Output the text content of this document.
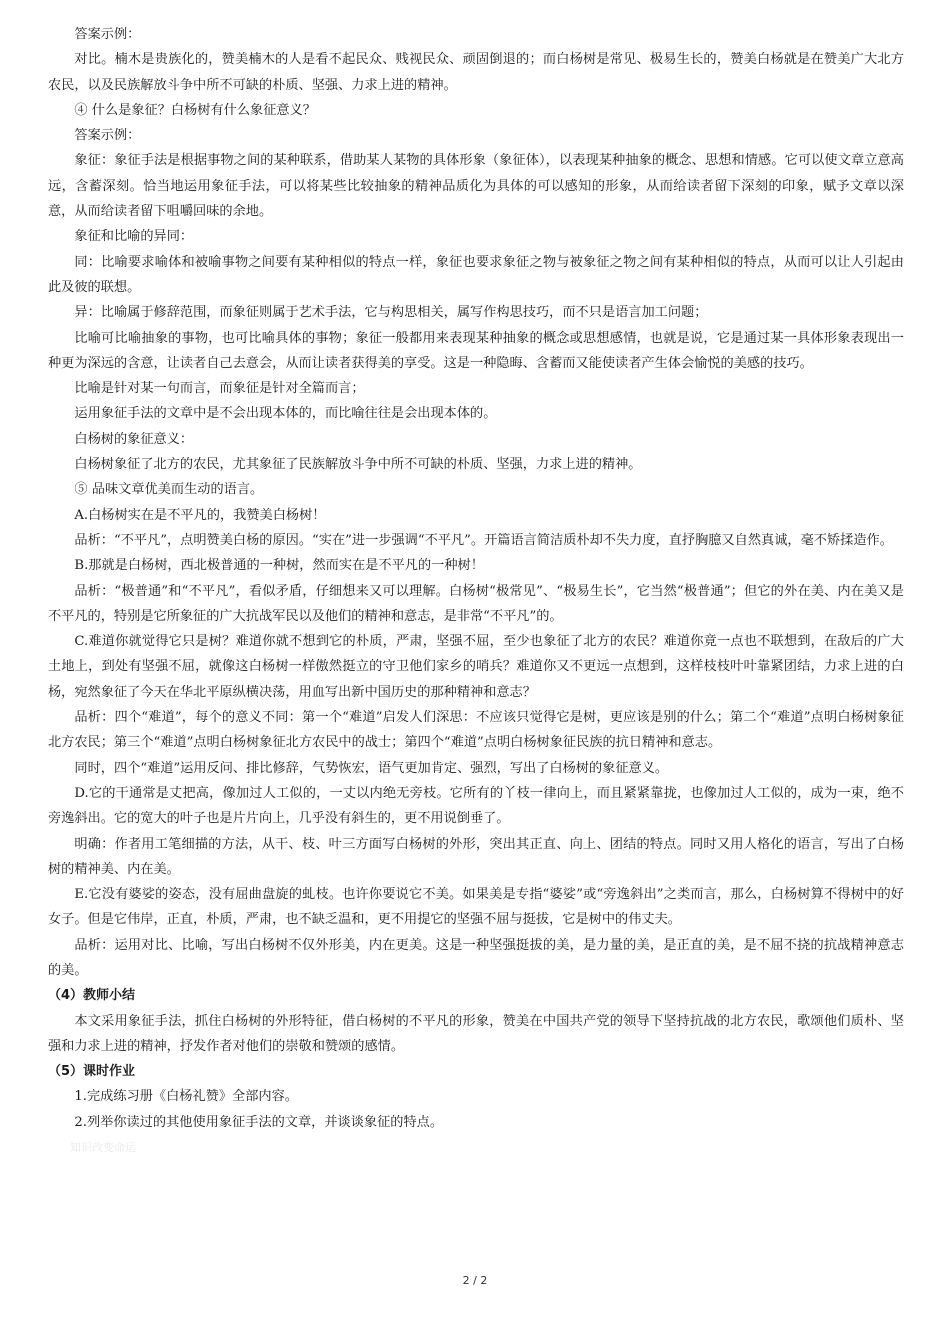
答案示例：

对比。楠木是贵族化的，赞美楠木的人是看不起民众、贱视民众、顽固倒退的；而白杨树是常见、极易生长的，赞美白杨就是在赞美广大北方农民，以及民族解放斗争中所不可缺的朴质、坚强、力求上进的精神。

④ 什么是象征？白杨树有什么象征意义？

答案示例：

象征：象征手法是根据事物之间的某种联系，借助某人某物的具体形象（象征体），以表现某种抽象的概念、思想和情感。它可以使文章立意高远，含蓄深刻。恰当地运用象征手法，可以将某些比较抽象的精神品质化为具体的可以感知的形象，从而给读者留下深刻的印象，赋予文章以深意，从而给读者留下咀嚼回味的余地。

象征和比喻的异同：

同：比喻要求喻体和被喻事物之间要有某种相似的特点一样，象征也要求象征之物与被象征之物之间有某种相似的特点，从而可以让人引起由此及彼的联想。

异：比喻属于修辞范围，而象征则属于艺术手法，它与构思相关，属写作构思技巧，而不只是语言加工问题；

比喻可比喻抽象的事物，也可比喻具体的事物；象征一般都用来表现某种抽象的概念或思想感情，也就是说，它是通过某一具体形象表现出一种更为深远的含意，让读者自己去意会，从而让读者获得美的享受。这是一种隐晦、含蓄而又能使读者产生体会愉悦的美感的技巧。

比喻是针对某一句而言，而象征是针对全篇而言；

运用象征手法的文章中是不会出现本体的，而比喻往往是会出现本体的。

白杨树的象征意义：

白杨树象征了北方的农民，尤其象征了民族解放斗争中所不可缺的朴质、坚强，力求上进的精神。

⑤ 品味文章优美而生动的语言。

A.白杨树实在是不平凡的，我赞美白杨树！

品析：“不平凡”，点明赞美白杨的原因。“实在”进一步强调“不平凡”。开篇语言简洁质朴却不失力度，直抒胸臆又自然真诚，毫不矫揉造作。

B.那就是白杨树，西北极普通的一种树，然而实在是不平凡的一种树！

品析：“极普通”和“不平凡”，看似矛盾，仔细想来又可以理解。白杨树“极常见”、“极易生长”，它当然“极普通”；但它的外在美、内在美又是不平凡的，特别是它所象征的广大抗战军民以及他们的精神和意志，是非常“不平凡”的。

C.难道你就觉得它只是树？难道你就不想到它的朴质，严肃，坚强不屈，至少也象征了北方的农民？难道你竟一点也不联想到，在敌后的广大土地上，到处有坚强不屈，就像这白杨树一样傲然挺立的守卫他们家乡的哨兵？难道你又不更远一点想到，这样枝枝叶叶靠紧团结，力求上进的白杨，宛然象征了今天在华北平原纵横决荡，用血写出新中国历史的那种精神和意志？

品析：四个“难道”，每个的意义不同：第一个“难道”启发人们深思：不应该只觉得它是树，更应该是别的什么；第二个“难道”点明白杨树象征北方农民；第三个“难道”点明白杨树象征北方农民中的战士；第四个“难道”点明白杨树象征民族的抗日精神和意志。

同时，四个“难道”运用反问、排比修辞，气势恢宏，语气更加肯定、强烈，写出了白杨树的象征意义。

D.它的干通常是丈把高，像加过人工似的，一丈以内绝无旁枝。它所有的丫枝一律向上，而且紧紧靠拢，也像加过人工似的，成为一束，绝不旁逸斜出。它的宽大的叶子也是片片向上，几乎没有斜生的，更不用说倒垂了。

明确：作者用工笔细描的方法，从干、枝、叶三方面写白杨树的外形，突出其正直、向上、团结的特点。同时又用人格化的语言，写出了白杨树的精神美、内在美。

E.它没有婆娑的姿态，没有屈曲盘旋的虬枝。也许你要说它不美。如果美是专指“婆娑”或“旁逸斜出”之类而言，那么，白杨树算不得树中的好女子。但是它伟岸，正直，朴质，严肃，也不缺乏温和，更不用提它的坚强不屈与挺拔，它是树中的伟丈夫。

品析：运用对比、比喻，写出白杨树不仅外形美，内在更美。这是一种坚强挺拔的美，是力量的美，是正直的美，是不屈不挠的抗战精神意志的美。

（4）教师小结

本文采用象征手法，抓住白杨树的外形特征，借白杨树的不平凡的形象，赞美在中国共产党的领导下坚持抗战的北方农民，歌颂他们质朴、坚强和力求上进的精神，抒发作者对他们的崇敬和赞颂的感情。

（5）课时作业

1.完成练习册《白杨礼赞》全部内容。

2.列举你读过的其他使用象征手法的文章，并谈谈象征的特点。

知识改变命运

2 / 2
